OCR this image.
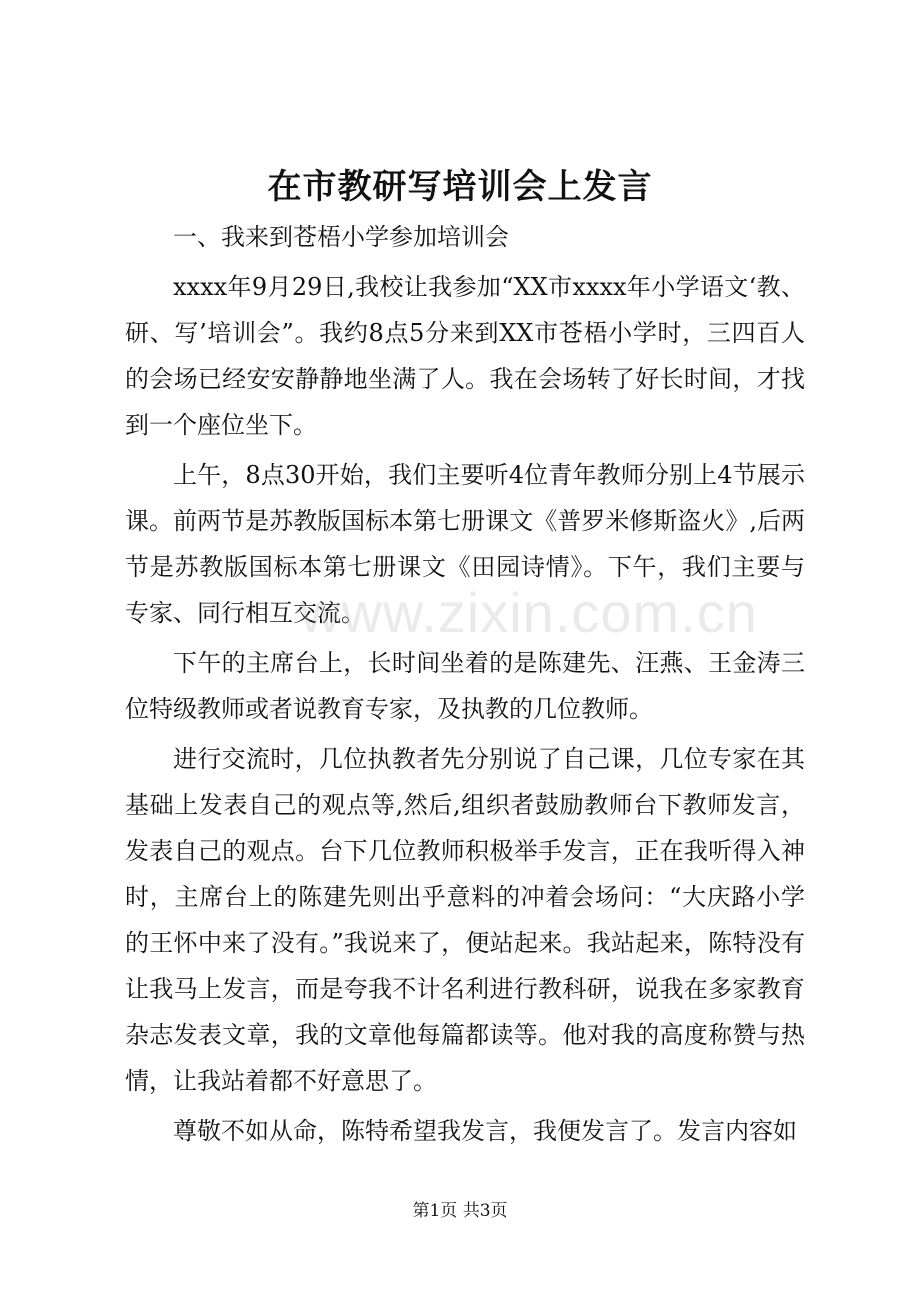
在市教研写培训会上发言

一、我来到苍梧小学参加培训会

xxxx年9月29日,我校让我参加“XX市xxxx年小学语文‘教、研、写’培训会”。我约8点5分来到XX市苍梧小学时，三四百人的会场已经安安静静地坐满了人。我在会场转了好长时间，才找到一个座位坐下。

上午，8点30开始，我们主要听4位青年教师分别上4节展示课。前两节是苏教版国标本第七册课文《普罗米修斯盗火》,后两节是苏教版国标本第七册课文《田园诗情》。下午，我们主要与专家、同行相互交流。

下午的主席台上，长时间坐着的是陈建先、汪燕、王金涛三位特级教师或者说教育专家，及执教的几位教师。

进行交流时，几位执教者先分别说了自己课，几位专家在其基础上发表自己的观点等,然后,组织者鼓励教师台下教师发言，发表自己的观点。台下几位教师积极举手发言，正在我听得入神时，主席台上的陈建先则出乎意料的冲着会场问：“大庆路小学的王怀中来了没有。”我说来了，便站起来。我站起来，陈特没有让我马上发言，而是夸我不计名利进行教科研，说我在多家教育杂志发表文章，我的文章他每篇都读等。他对我的高度称赞与热情，让我站着都不好意思了。

尊敬不如从命，陈特希望我发言，我便发言了。发言内容如

www.zixin.com.cn
第1页 共3页
